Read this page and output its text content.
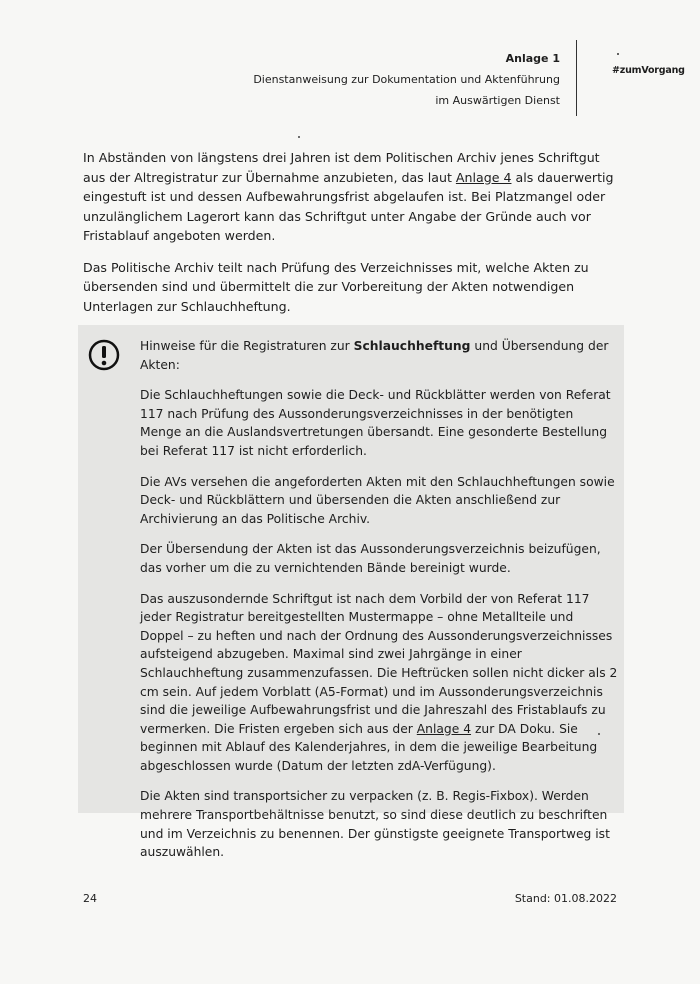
Anlage 1
Dienstanweisung zur Dokumentation und Aktenführung
im Auswärtigen Dienst
#zumVorgang

In Abständen von längstens drei Jahren ist dem Politischen Archiv jenes Schriftgut aus der Altregistratur zur Übernahme anzubieten, das laut Anlage 4 als dauerwertig eingestuft ist und dessen Aufbewahrungsfrist abgelaufen ist. Bei Platzmangel oder unzulänglichem Lagerort kann das Schriftgut unter Angabe der Gründe auch vor Fristablauf angeboten werden.

Das Politische Archiv teilt nach Prüfung des Verzeichnisses mit, welche Akten zu übersenden sind und übermittelt die zur Vorbereitung der Akten notwendigen Unterlagen zur Schlauchheftung.

Hinweise für die Registraturen zur Schlauchheftung und Übersendung der Akten:

Die Schlauchheftungen sowie die Deck- und Rückblätter werden von Referat 117 nach Prüfung des Aussonderungsverzeichnisses in der benötigten Menge an die Auslandsvertretungen übersandt. Eine gesonderte Bestellung bei Referat 117 ist nicht erforderlich.

Die AVs versehen die angeforderten Akten mit den Schlauchheftungen sowie Deck- und Rückblättern und übersenden die Akten anschließend zur Archivierung an das Politische Archiv.

Der Übersendung der Akten ist das Aussonderungsverzeichnis beizufügen, das vorher um die zu vernichtenden Bände bereinigt wurde.

Das auszusondernde Schriftgut ist nach dem Vorbild der von Referat 117 jeder Registratur bereitgestellten Mustermappe – ohne Metallteile und Doppel – zu heften und nach der Ordnung des Aussonderungsverzeichnisses aufsteigend abzugeben. Maximal sind zwei Jahrgänge in einer Schlauchheftung zusammenzufassen. Die Heftrücken sollen nicht dicker als 2 cm sein. Auf jedem Vorblatt (A5-Format) und im Aussonderungsverzeichnis sind die jeweilige Aufbewahrungsfrist und die Jahreszahl des Fristablaufs zu vermerken. Die Fristen ergeben sich aus der Anlage 4 zur DA Doku. Sie beginnen mit Ablauf des Kalenderjahres, in dem die jeweilige Bearbeitung abgeschlossen wurde (Datum der letzten zdA-Verfügung).

Die Akten sind transportsicher zu verpacken (z. B. Regis-Fixbox). Werden mehrere Transportbehältnisse benutzt, so sind diese deutlich zu beschriften und im Verzeichnis zu benennen. Der günstigste geeignete Transportweg ist auszuwählen.

24	Stand: 01.08.2022
